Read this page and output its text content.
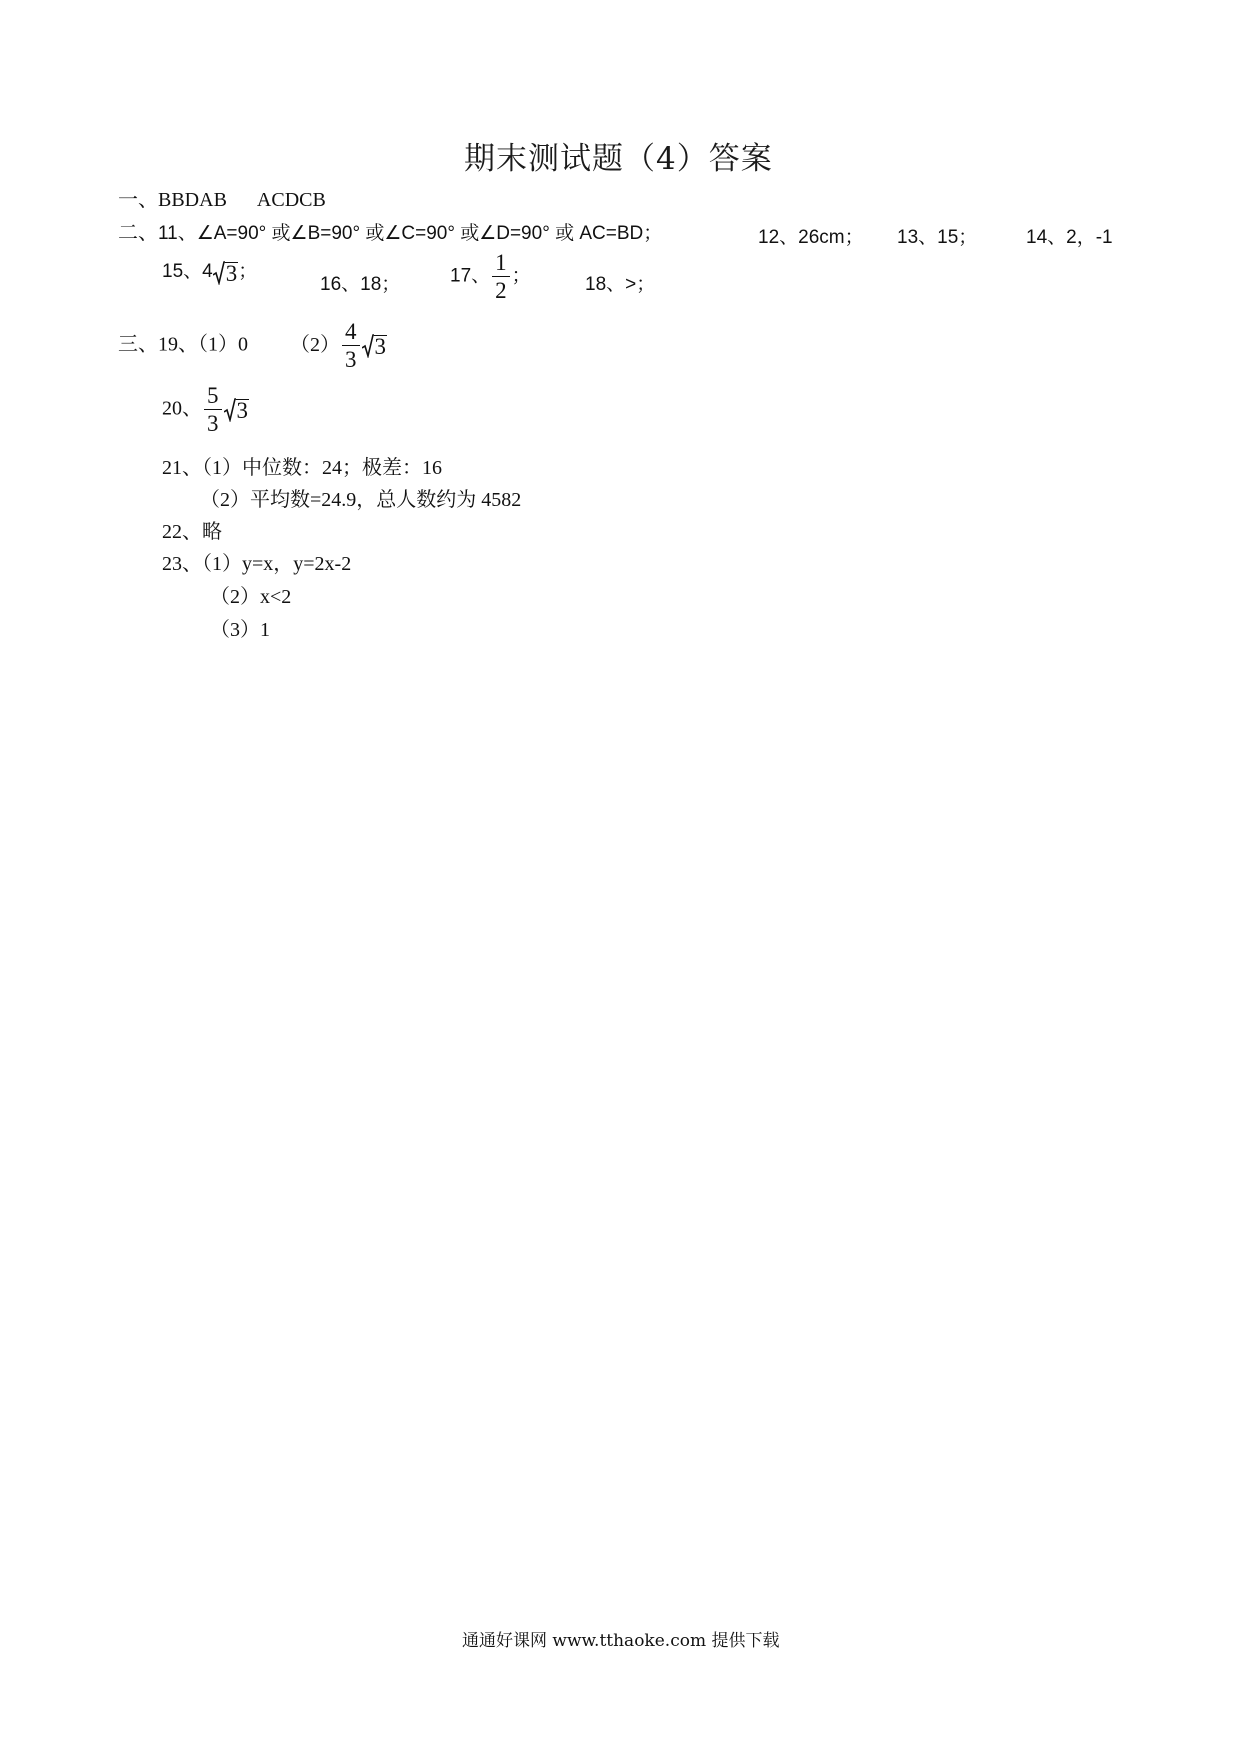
期末测试题（4）答案
一、BBDAB ACDCB
二、11、∠A=90° 或∠B=90° 或∠C=90° 或∠D=90° 或 AC=BD；	12、26cm； 13、15；	14、2，-1
15、4 3 ；
16、18；	17、 $\frac{1}{2}$ ；	18、>；
三、19、（1）0 $(2) \frac{4}{3} 3$
20、 $\frac{5}{3} 3$
21、（1）中位数：24；极差：16
（2）平均数=24.9，总人数约为 4582
22、略
23、（1）y=x，y=2x-2
（2）x<2
（3）1
通通好课网 www.tthaoke.com 提供下载
